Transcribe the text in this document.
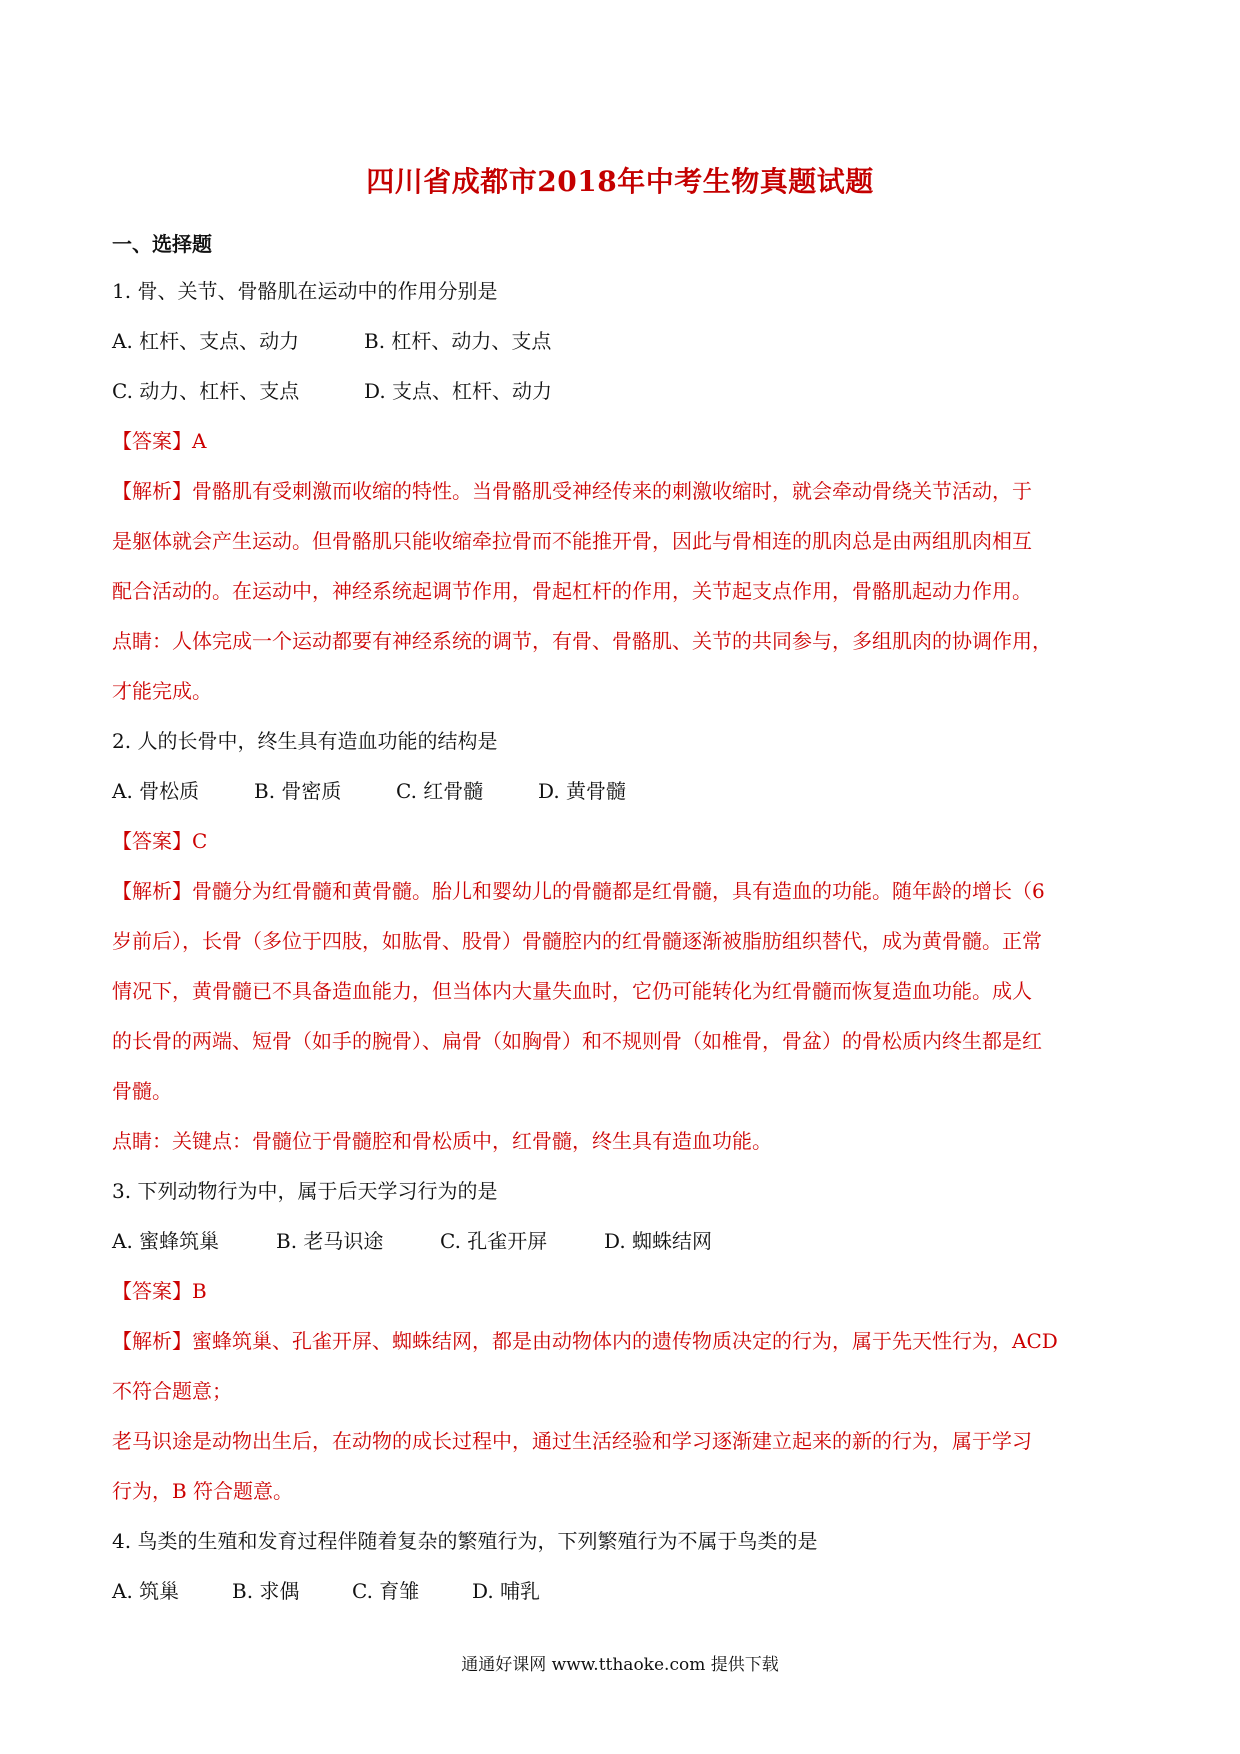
四川省成都市2018年中考生物真题试题
一、选择题
1. 骨、关节、骨骼肌在运动中的作用分别是
A. 杠杆、支点、动力	B. 杠杆、动力、支点
C. 动力、杠杆、支点	D. 支点、杠杆、动力
【答案】A
【解析】骨骼肌有受刺激而收缩的特性。当骨骼肌受神经传来的刺激收缩时，就会牵动骨绕关节活动，于
是躯体就会产生运动。但骨骼肌只能收缩牵拉骨而不能推开骨，因此与骨相连的肌肉总是由两组肌肉相互
配合活动的。在运动中，神经系统起调节作用，骨起杠杆的作用，关节起支点作用，骨骼肌起动力作用。
点睛：人体完成一个运动都要有神经系统的调节，有骨、骨骼肌、关节的共同参与，多组肌肉的协调作用，
才能完成。
2. 人的长骨中，终生具有造血功能的结构是
A. 骨松质	B. 骨密质	C. 红骨髓	D. 黄骨髓
【答案】C
【解析】骨髓分为红骨髓和黄骨髓。胎儿和婴幼儿的骨髓都是红骨髓，具有造血的功能。随年龄的增长（6
岁前后），长骨（多位于四肢，如肱骨、股骨）骨髓腔内的红骨髓逐渐被脂肪组织替代，成为黄骨髓。正常
情况下，黄骨髓已不具备造血能力，但当体内大量失血时，它仍可能转化为红骨髓而恢复造血功能。成人
的长骨的两端、短骨（如手的腕骨）、扁骨（如胸骨）和不规则骨（如椎骨，骨盆）的骨松质内终生都是红
骨髓。
点睛：关键点：骨髓位于骨髓腔和骨松质中，红骨髓，终生具有造血功能。
3. 下列动物行为中，属于后天学习行为的是
A. 蜜蜂筑巢	B. 老马识途	C. 孔雀开屏	D. 蜘蛛结网
【答案】B
【解析】蜜蜂筑巢、孔雀开屏、蜘蛛结网，都是由动物体内的遗传物质决定的行为，属于先天性行为，ACD
不符合题意；
老马识途是动物出生后，在动物的成长过程中，通过生活经验和学习逐渐建立起来的新的行为，属于学习
行为，B 符合题意。
4. 鸟类的生殖和发育过程伴随着复杂的繁殖行为，下列繁殖行为不属于鸟类的是
A. 筑巢	B. 求偶	C. 育雏	D. 哺乳
通通好课网 www.tthaoke.com 提供下载
